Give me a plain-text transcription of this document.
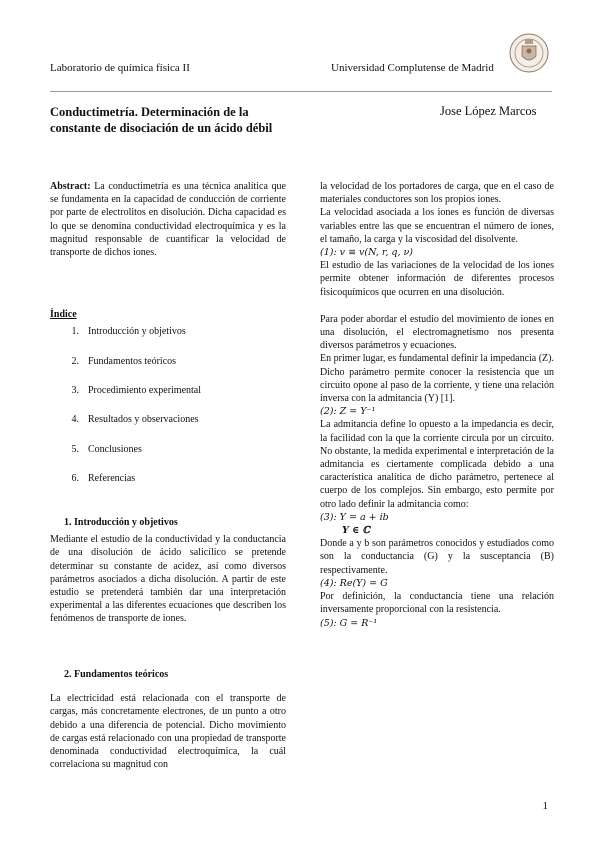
Laboratorio de química física II	Universidad Complutense de Madrid
Conductimetría. Determinación de la constante de disociación de un ácido débil
Jose López Marcos

Abstract: La conductimetría es una técnica analítica que se fundamenta en la capacidad de conducción de corriente por parte de electrolitos en disolución. Dicha capacidad es lo que se denomina conductividad electroquímica y es la magnitud responsable de cuantificar la velocidad de transporte de dichos iones.

Índice
1. Introducción y objetivos
2. Fundamentos teóricos
3. Procedimiento experimental
4. Resultados y observaciones
5. Conclusiones
6. Referencias

1. Introducción y objetivos

Mediante el estudio de la conductividad y la conductancia de una disolución de ácido salicílico se pretende determinar su constante de acidez, así como diversos parámetros asociados a dicha disolución. A partir de este estudio se pretenderá también dar una interpretación experimental a las diferentes ecuaciones que describen los fenómenos de transporte de iones.

2. Fundamentos teóricos

La electricidad está relacionada con el transporte de cargas, más concretamente electrones, de un punto a otro debido a una diferencia de potencial. Dicho movimiento de cargas está relacionado con una propiedad de transporte denominada conductividad electroquímica, la cuál correlaciona su magnitud con

la velocidad de los portadores de carga, que en el caso de materiales conductores son los propios iones.

La velocidad asociada a los iones es función de diversas variables entre las que se encuentran el número de iones, el tamaño, la carga y la viscosidad del disolvente.

(1): v ≡ v(N, r, q, ν)

El estudio de las variaciones de la velocidad de los iones permite obtener información de diferentes procesos fisicoquímicos que ocurren en una disolución.

Para poder abordar el estudio del movimiento de iones en una disolución, el electromagnetismo nos presenta diversos parámetros y ecuaciones.

En primer lugar, es fundamental definir la impedancia (Z). Dicho parámetro permite conocer la resistencia que un circuito opone al paso de la corriente, y tiene una relación inversa con la admitancia (Y) [1].

(2): Z = Y⁻¹

La admitancia define lo opuesto a la impedancia es decir, la facilidad con la que la corriente circula por un circuito. No obstante, la medida experimental e interpretación de la admitancia es ciertamente complicada debido a una característica analítica de dicho parámetro, pertenece al cuerpo de los complejos. Sin embargo, esto permite por otro lado definir la admitancia como:

(3): Y = a + ib

Y ∈ ℂ

Donde a y b son parámetros conocidos y estudiados como son la conductancia (G) y la susceptancia (B) respectivamente.

(4): Re(Y) = G

Por definición, la conductancia tiene una relación inversamente proporcional con la resistencia.

(5): G = R⁻¹

1
